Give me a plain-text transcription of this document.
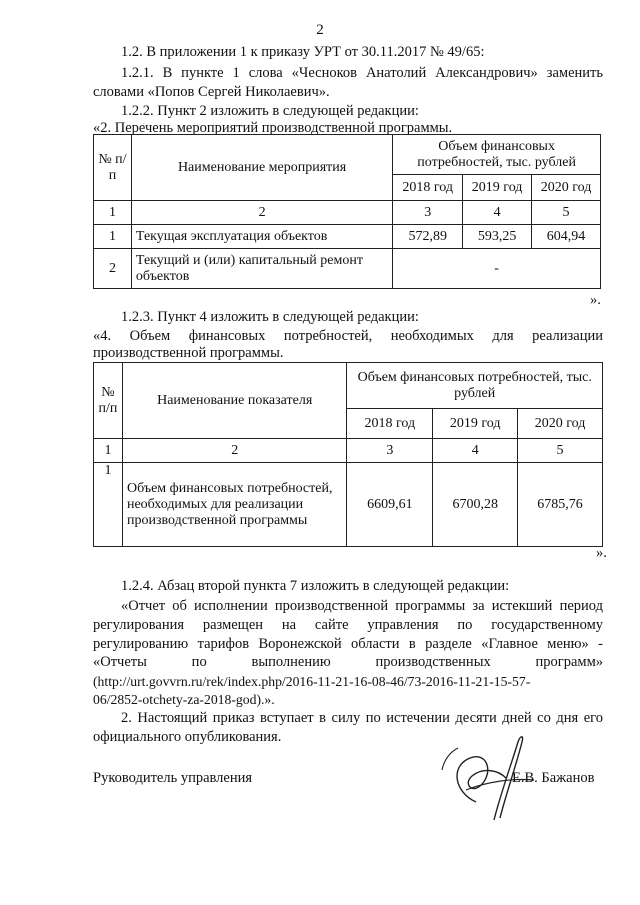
2
1.2. В приложении 1 к приказу УРТ от 30.11.2017 № 49/65:
1.2.1. В пункте 1 слова «Чесноков Анатолий Александрович» заменить
словами «Попов Сергей Николаевич».
1.2.2. Пункт 2 изложить в следующей редакции:
«2. Перечень мероприятий производственной программы.
№ п/п	Наименование мероприятия	Объем финансовых потребностей, тыс. рублей		
		2018 год	2019 год	2020 год
1	2	3	4	5
1	Текущая эксплуатация объектов	572,89	593,25	604,94
2	Текущий и (или) капитальный ремонт объектов	-		
».
1.2.3. Пункт 4 изложить в следующей редакции:
«4. Объем финансовых потребностей, необходимых для реализации
производственной программы.
№ п/п	Наименование показателя	Объем финансовых потребностей, тыс. рублей		
		2018 год	2019 год	2020 год
1	2	3	4	5
1	Объем финансовых потребностей, необходимых для реализации производственной программы	6609,61	6700,28	6785,76
».
1.2.4. Абзац второй пункта 7 изложить в следующей редакции:
«Отчет об исполнении производственной программы за истекший период
регулирования размещен на сайте управления по государственному
регулированию тарифов Воронежской области в разделе «Главное меню» -
«Отчеты по выполнению производственных программ»
(http://urt.govvrn.ru/rek/index.php/2016-11-21-16-08-46/73-2016-11-21-15-57-
06/2852-otchety-za-2018-god).».
2. Настоящий приказ вступает в силу по истечении десяти дней со дня его
официального опубликования.
Руководитель управления	Е.В. Бажанов
